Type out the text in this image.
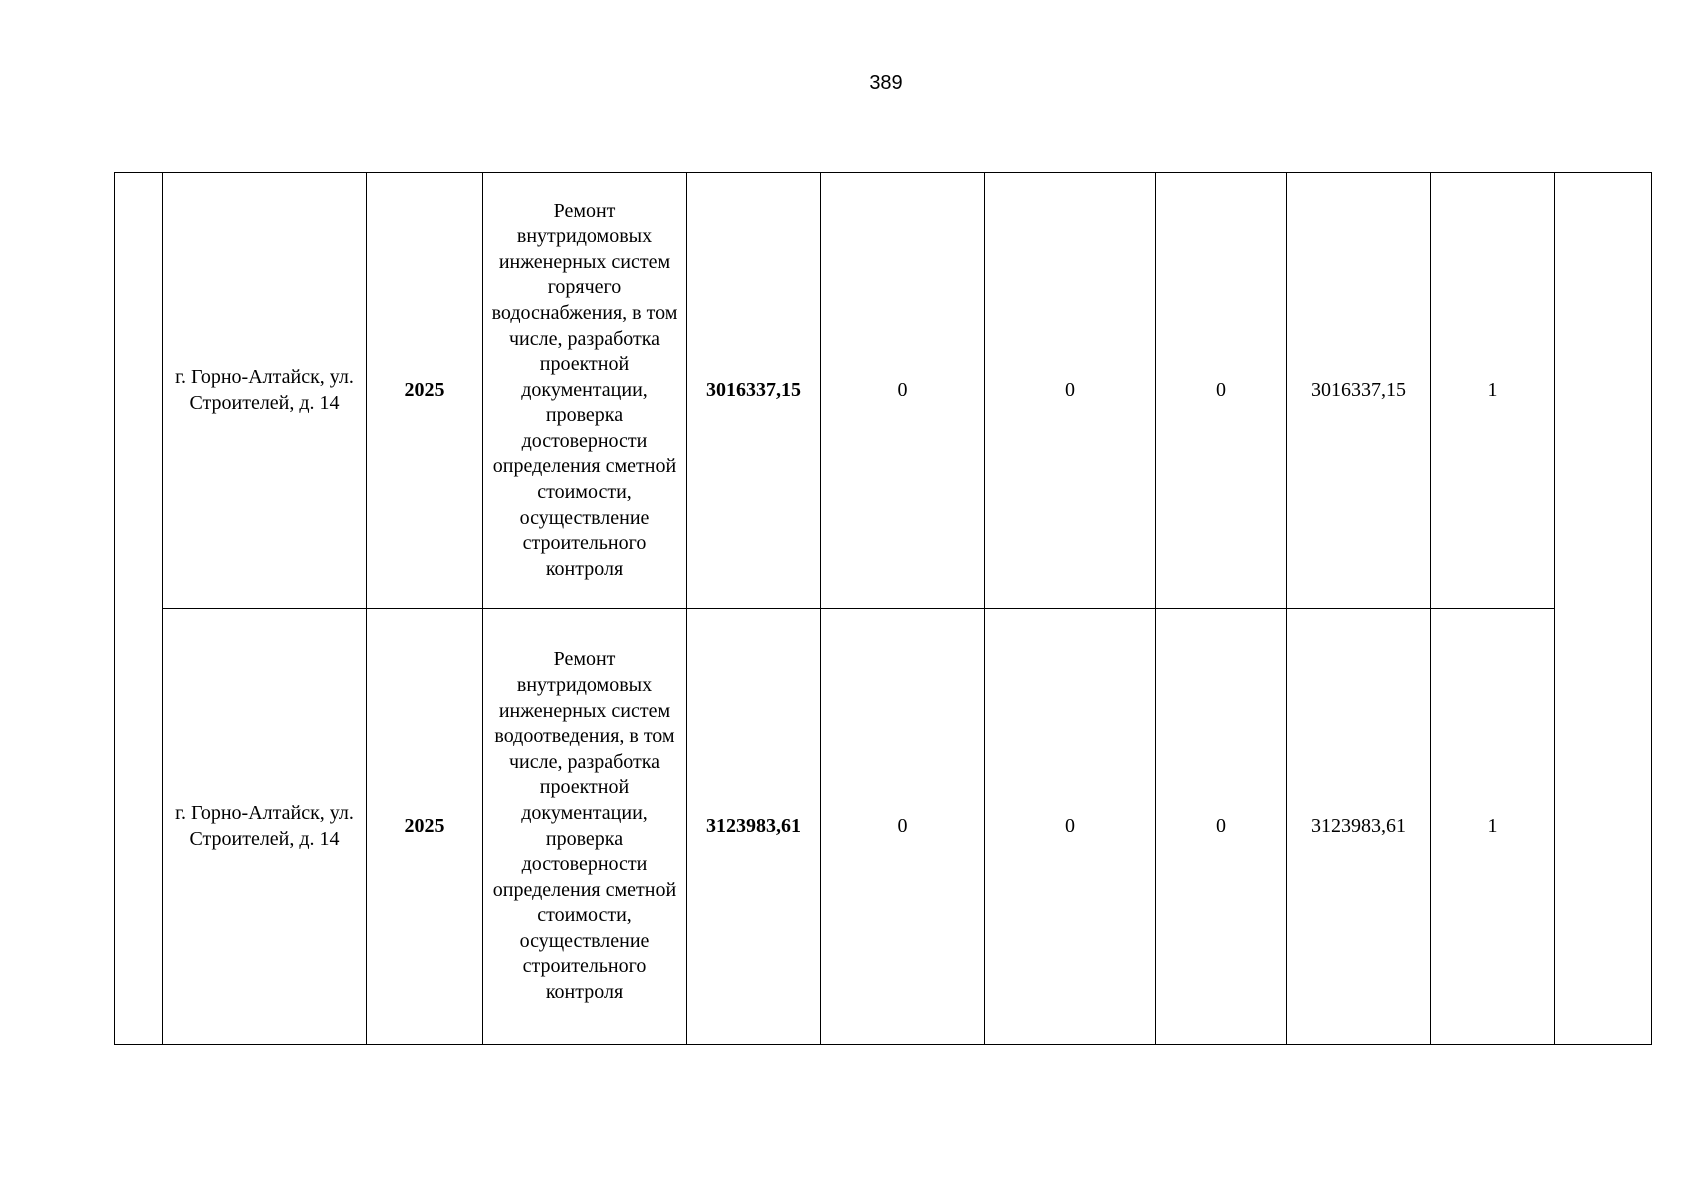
389
	г. Горно-Алтайск, ул. Строителей, д. 14	2025	Ремонт внутридомовых инженерных систем горячего водоснабжения, в том числе, разработка проектной документации, проверка достоверности определения сметной стоимости, осуществление строительного контроля	3016337,15	0	0	0	3016337,15	1	
	г. Горно-Алтайск, ул. Строителей, д. 14	2025	Ремонт внутридомовых инженерных систем водоотведения, в том числе, разработка проектной документации, проверка достоверности определения сметной стоимости, осуществление строительного контроля	3123983,61	0	0	0	3123983,61	1	
